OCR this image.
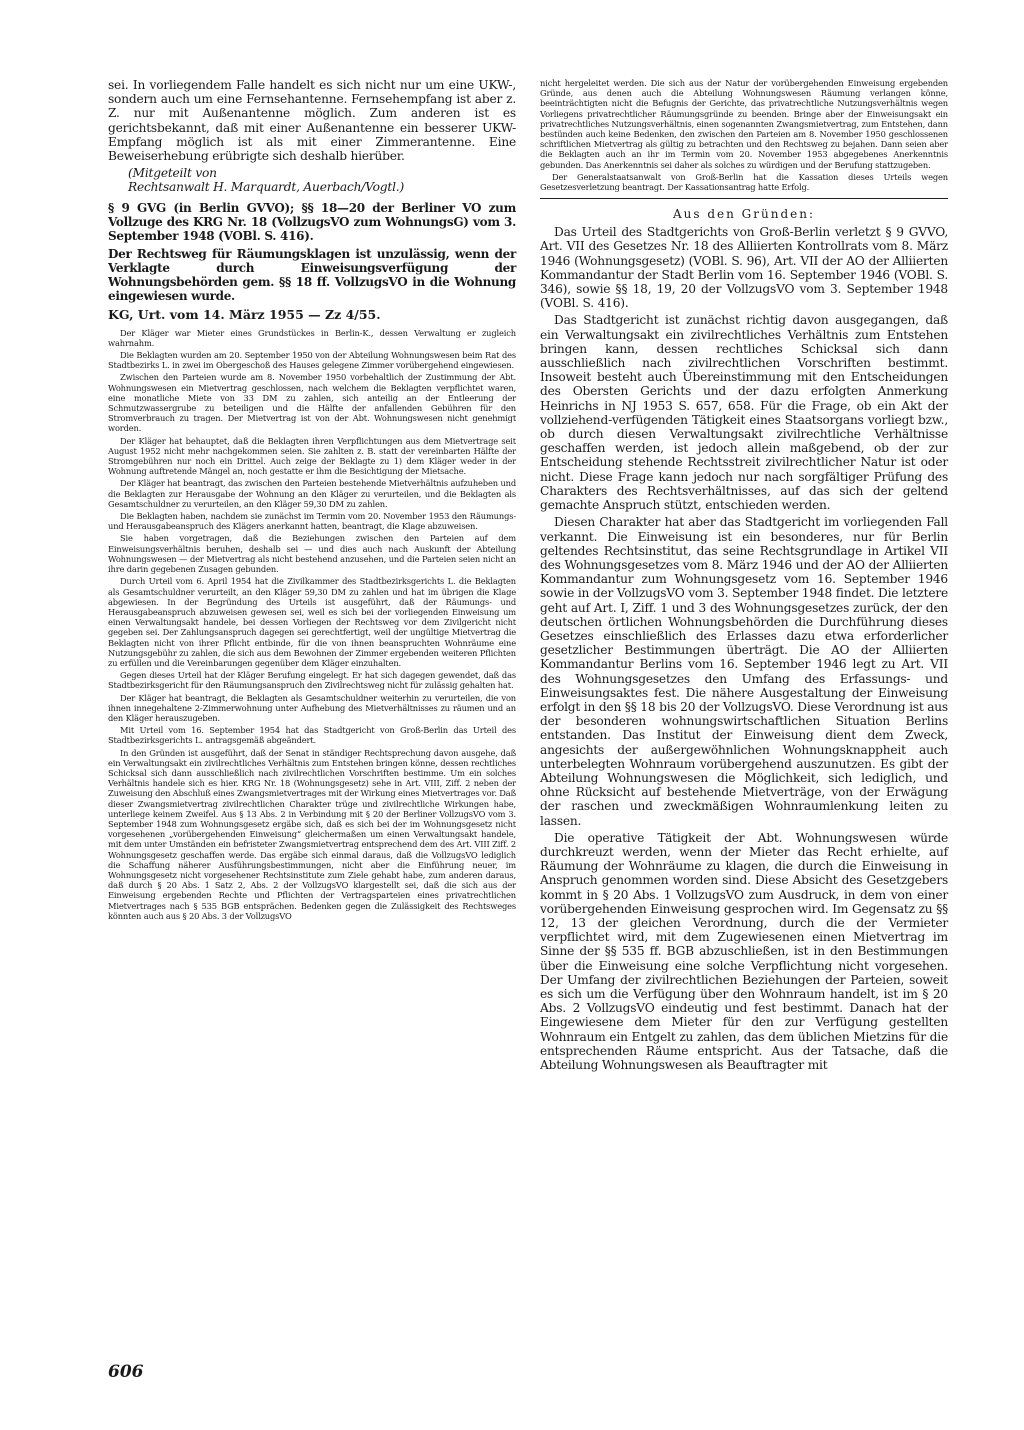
sei. In vorliegendem Falle handelt es sich nicht nur um eine UKW-, sondern auch um eine Fernsehantenne. Fernsehempfang ist aber z. Z. nur mit Außenantenne möglich. Zum anderen ist es gerichtsbekannt, daß mit einer Außenantenne ein besserer UKW-Empfang möglich ist als mit einer Zimmerantenne. Eine Beweiserhebung erübrigte sich deshalb hierüber.

(Mitgeteilt von

Rechtsanwalt H. Marquardt, Auerbach/Vogtl.)

§ 9 GVG (in Berlin GVVO); §§ 18—20 der Berliner VO zum Vollzuge des KRG Nr. 18 (VollzugsVO zum WohnungsG) vom 3. September 1948 (VOBl. S. 416).
Der Rechtsweg für Räumungsklagen ist unzulässig, wenn der Verklagte durch Einweisungsverfügung der Wohnungsbehörden gem. §§ 18 ff. VollzugsVO in die Wohnung eingewiesen wurde.
KG, Urt. vom 14. März 1955 — Zz 4/55.

Der Kläger war Mieter eines Grundstückes in Berlin-K., dessen Verwaltung er zugleich wahrnahm.

Die Beklagten wurden am 20. September 1950 von der Abteilung Wohnungswesen beim Rat des Stadtbezirks L. in zwei im Obergeschoß des Hauses gelegene Zimmer vorübergehend eingewiesen.

Zwischen den Parteien wurde am 8. November 1950 vorbehaltlich der Zustimmung der Abt. Wohnungswesen ein Mietvertrag geschlossen, nach welchem die Beklagten verpflichtet waren, eine monatliche Miete von 33 DM zu zahlen, sich anteilig an der Entleerung der Schmutzwassergrube zu beteiligen und die Hälfte der anfallenden Gebühren für den Stromverbrauch zu tragen. Der Mietvertrag ist von der Abt. Wohnungswesen nicht genehmigt worden.

Der Kläger hat behauptet, daß die Beklagten ihren Verpflichtungen aus dem Mietvertrage seit August 1952 nicht mehr nachgekommen seien. Sie zahlten z. B. statt der vereinbarten Hälfte der Stromgebühren nur noch ein Drittel. Auch zeige der Beklagte zu 1) dem Kläger weder in der Wohnung auftretende Mängel an, noch gestatte er ihm die Besichtigung der Mietsache.

Der Kläger hat beantragt, das zwischen den Parteien bestehende Mietverhältnis aufzuheben und die Beklagten zur Herausgabe der Wohnung an den Kläger zu verurteilen, und die Beklagten als Gesamtschuldner zu verurteilen, an den Kläger 59,30 DM zu zahlen.

Die Beklagten haben, nachdem sie zunächst im Termin vom 20. November 1953 den Räumungs- und Herausgabeanspruch des Klägers anerkannt hatten, beantragt, die Klage abzuweisen.

Sie haben vorgetragen, daß die Beziehungen zwischen den Parteien auf dem Einweisungsverhältnis beruhen, deshalb sei — und dies auch nach Auskunft der Abteilung Wohnungswesen — der Mietvertrag als nicht bestehend anzusehen, und die Parteien seien nicht an ihre darin gegebenen Zusagen gebunden.

Durch Urteil vom 6. April 1954 hat die Zivilkammer des Stadtbezirksgerichts L. die Beklagten als Gesamtschuldner verurteilt, an den Kläger 59,30 DM zu zahlen und hat im übrigen die Klage abgewiesen. In der Begründung des Urteils ist ausgeführt, daß der Räumungs- und Herausgabeanspruch abzuweisen gewesen sei, weil es sich bei der vorliegenden Einweisung um einen Verwaltungsakt handele, bei dessen Vorliegen der Rechtsweg vor dem Zivilgericht nicht gegeben sei. Der Zahlungsanspruch dagegen sei gerechtfertigt, weil der ungültige Mietvertrag die Beklagten nicht von ihrer Pflicht entbinde, für die von ihnen beanspruchten Wohnräume eine Nutzungsgebühr zu zahlen, die sich aus dem Bewohnen der Zimmer ergebenden weiteren Pflichten zu erfüllen und die Vereinbarungen gegenüber dem Kläger einzuhalten.

Gegen dieses Urteil hat der Kläger Berufung eingelegt. Er hat sich dagegen gewendet, daß das Stadtbezirksgericht für den Räumungsanspruch den Zivilrechtsweg nicht für zulässig gehalten hat.

Der Kläger hat beantragt, die Beklagten als Gesamtschuldner weiterhin zu verurteilen, die von ihnen innegehaltene 2-Zimmerwohnung unter Aufhebung des Mietverhältnisses zu räumen und an den Kläger herauszugeben.

Mit Urteil vom 16. September 1954 hat das Stadtgericht von Groß-Berlin das Urteil des Stadtbezirksgerichts L. antragsgemäß abgeändert.

In den Gründen ist ausgeführt, daß der Senat in ständiger Rechtsprechung davon ausgehe, daß ein Verwaltungsakt ein zivilrechtliches Verhältnis zum Entstehen bringen könne, dessen rechtliches Schicksal sich dann ausschließlich nach zivilrechtlichen Vorschriften bestimme. Um ein solches Verhältnis handele sich es hier. KRG Nr. 18 (Wohnungsgesetz) sehe in Art. VIII, Ziff. 2 neben der Zuweisung den Abschluß eines Zwangsmietvertrages mit der Wirkung eines Mietvertrages vor. Daß dieser Zwangsmietvertrag zivilrechtlichen Charakter trüge und zivilrechtliche Wirkungen habe, unterliege keinem Zweifel. Aus § 13 Abs. 2 in Verbindung mit § 20 der Berliner VollzugsVO vom 3. September 1948 zum Wohnungsgesetz ergäbe sich, daß es sich bei der im Wohnungsgesetz nicht vorgesehenen „vorübergehenden Einweisung“ gleichermaßen um einen Verwaltungsakt handele, mit dem unter Umständen ein befristeter Zwangsmietvertrag entsprechend dem des Art. VIII Ziff. 2 Wohnungsgesetz geschaffen werde. Das ergäbe sich einmal daraus, daß die VollzugsVO lediglich die Schaffung näherer Ausführungsbestimmungen, nicht aber die Einführung neuer, im Wohnungsgesetz nicht vorgesehener Rechtsinstitute zum Ziele gehabt habe, zum anderen daraus, daß durch § 20 Abs. 1 Satz 2, Abs. 2 der VollzugsVO klargestellt sei, daß die sich aus der Einweisung ergebenden Rechte und Pflichten der Vertragsparteien eines privatrechtlichen Mietvertrages nach § 535 BGB entsprächen. Bedenken gegen die Zulässigkeit des Rechtsweges könnten auch aus § 20 Abs. 3 der VollzugsVO

nicht hergeleitet werden. Die sich aus der Natur der vorübergehenden Einweisung ergebenden Gründe, aus denen auch die Abteilung Wohnungswesen Räumung verlangen könne, beeinträchtigten nicht die Befugnis der Gerichte, das privatrechtliche Nutzungsverhältnis wegen Vorliegens privatrechtlicher Räumungsgründe zu beenden. Bringe aber der Einweisungsakt ein privatrechtliches Nutzungsverhältnis, einen sogenannten Zwangsmietvertrag, zum Entstehen, dann bestünden auch keine Bedenken, den zwischen den Parteien am 8. November 1950 geschlossenen schriftlichen Mietvertrag als gültig zu betrachten und den Rechtsweg zu bejahen. Dann seien aber die Beklagten auch an ihr im Termin vom 20. November 1953 abgegebenes Anerkenntnis gebunden. Das Anerkenntnis sei daher als solches zu würdigen und der Berufung stattzugeben.

Der Generalstaatsanwalt von Groß-Berlin hat die Kassation dieses Urteils wegen Gesetzesverletzung beantragt. Der Kassationsantrag hatte Erfolg.

Aus den Gründen:

Das Urteil des Stadtgerichts von Groß-Berlin verletzt § 9 GVVO, Art. VII des Gesetzes Nr. 18 des Alliierten Kontrollrats vom 8. März 1946 (Wohnungsgesetz) (VOBl. S. 96), Art. VII der AO der Alliierten Kommandantur der Stadt Berlin vom 16. September 1946 (VOBl. S. 346), sowie §§ 18, 19, 20 der VollzugsVO vom 3. September 1948 (VOBl. S. 416).

Das Stadtgericht ist zunächst richtig davon ausgegangen, daß ein Verwaltungsakt ein zivilrechtliches Verhältnis zum Entstehen bringen kann, dessen rechtliches Schicksal sich dann ausschließlich nach zivilrechtlichen Vorschriften bestimmt. Insoweit besteht auch Übereinstimmung mit den Entscheidungen des Obersten Gerichts und der dazu erfolgten Anmerkung Heinrichs in NJ 1953 S. 657, 658. Für die Frage, ob ein Akt der vollziehend-verfügenden Tätigkeit eines Staatsorgans vorliegt bzw., ob durch diesen Verwaltungsakt zivilrechtliche Verhältnisse geschaffen werden, ist jedoch allein maßgebend, ob der zur Entscheidung stehende Rechtsstreit zivilrechtlicher Natur ist oder nicht. Diese Frage kann jedoch nur nach sorgfältiger Prüfung des Charakters des Rechtsverhältnisses, auf das sich der geltend gemachte Anspruch stützt, entschieden werden.

Diesen Charakter hat aber das Stadtgericht im vorliegenden Fall verkannt. Die Einweisung ist ein besonderes, nur für Berlin geltendes Rechtsinstitut, das seine Rechtsgrundlage in Artikel VII des Wohnungsgesetzes vom 8. März 1946 und der AO der Alliierten Kommandantur zum Wohnungsgesetz vom 16. September 1946 sowie in der VollzugsVO vom 3. September 1948 findet. Die letztere geht auf Art. I, Ziff. 1 und 3 des Wohnungsgesetzes zurück, der den deutschen örtlichen Wohnungsbehörden die Durchführung dieses Gesetzes einschließlich des Erlasses dazu etwa erforderlicher gesetzlicher Bestimmungen überträgt. Die AO der Alliierten Kommandantur Berlins vom 16. September 1946 legt zu Art. VII des Wohnungsgesetzes den Umfang des Erfassungs- und Einweisungsaktes fest. Die nähere Ausgestaltung der Einweisung erfolgt in den §§ 18 bis 20 der VollzugsVO. Diese Verordnung ist aus der besonderen wohnungswirtschaftlichen Situation Berlins entstanden. Das Institut der Einweisung dient dem Zweck, angesichts der außergewöhnlichen Wohnungsknappheit auch unterbelegten Wohnraum vorübergehend auszunutzen. Es gibt der Abteilung Wohnungswesen die Möglichkeit, sich lediglich, und ohne Rücksicht auf bestehende Mietverträge, von der Erwägung der raschen und zweckmäßigen Wohnraumlenkung leiten zu lassen.

Die operative Tätigkeit der Abt. Wohnungswesen würde durchkreuzt werden, wenn der Mieter das Recht erhielte, auf Räumung der Wohnräume zu klagen, die durch die Einweisung in Anspruch genommen worden sind. Diese Absicht des Gesetzgebers kommt in § 20 Abs. 1 VollzugsVO zum Ausdruck, in dem von einer vorübergehenden Einweisung gesprochen wird. Im Gegensatz zu §§ 12, 13 der gleichen Verordnung, durch die der Vermieter verpflichtet wird, mit dem Zugewiesenen einen Mietvertrag im Sinne der §§ 535 ff. BGB abzuschließen, ist in den Bestimmungen über die Einweisung eine solche Verpflichtung nicht vorgesehen. Der Umfang der zivilrechtlichen Beziehungen der Parteien, soweit es sich um die Verfügung über den Wohnraum handelt, ist im § 20 Abs. 2 VollzugsVO eindeutig und fest bestimmt. Danach hat der Eingewiesene dem Mieter für den zur Verfügung gestellten Wohnraum ein Entgelt zu zahlen, das dem üblichen Mietzins für die entsprechenden Räume entspricht. Aus der Tatsache, daß die Abteilung Wohnungswesen als Beauftragter mit

606
